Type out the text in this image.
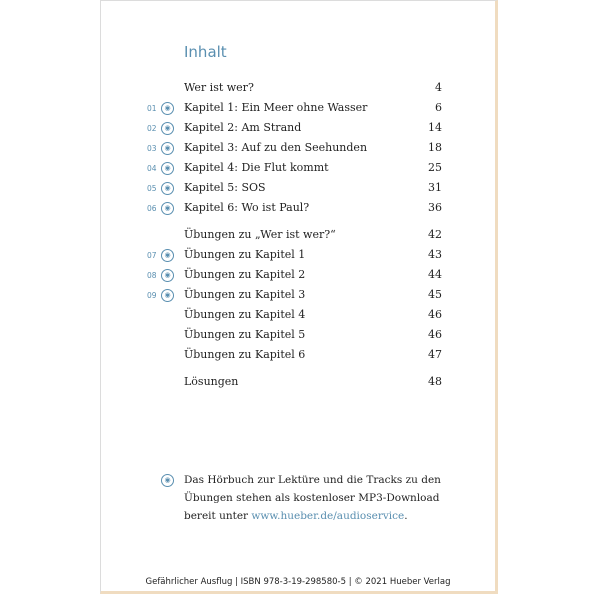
Inhalt
Wer ist wer?	4
01	◉	Kapitel 1: Ein Meer ohne Wasser	6
02	◉	Kapitel 2: Am Strand	14
03	◉	Kapitel 3: Auf zu den Seehunden	18
04	◉	Kapitel 4: Die Flut kommt	25
05	◉	Kapitel 5: SOS	31
06	◉	Kapitel 6: Wo ist Paul?	36
Übungen zu „Wer ist wer?“	42
07	◉	Übungen zu Kapitel 1	43
08	◉	Übungen zu Kapitel 2	44
09	◉	Übungen zu Kapitel 3	45
Übungen zu Kapitel 4	46
Übungen zu Kapitel 5	46
Übungen zu Kapitel 6	47
Lösungen	48
◉	Das Hörbuch zur Lektüre und die Tracks zu den
Übungen stehen als kostenloser MP3-Download
bereit unter www.hueber.de/audioservice.
Gefährlicher Ausflug | ISBN 978-3-19-298580-5 | © 2021 Hueber Verlag
